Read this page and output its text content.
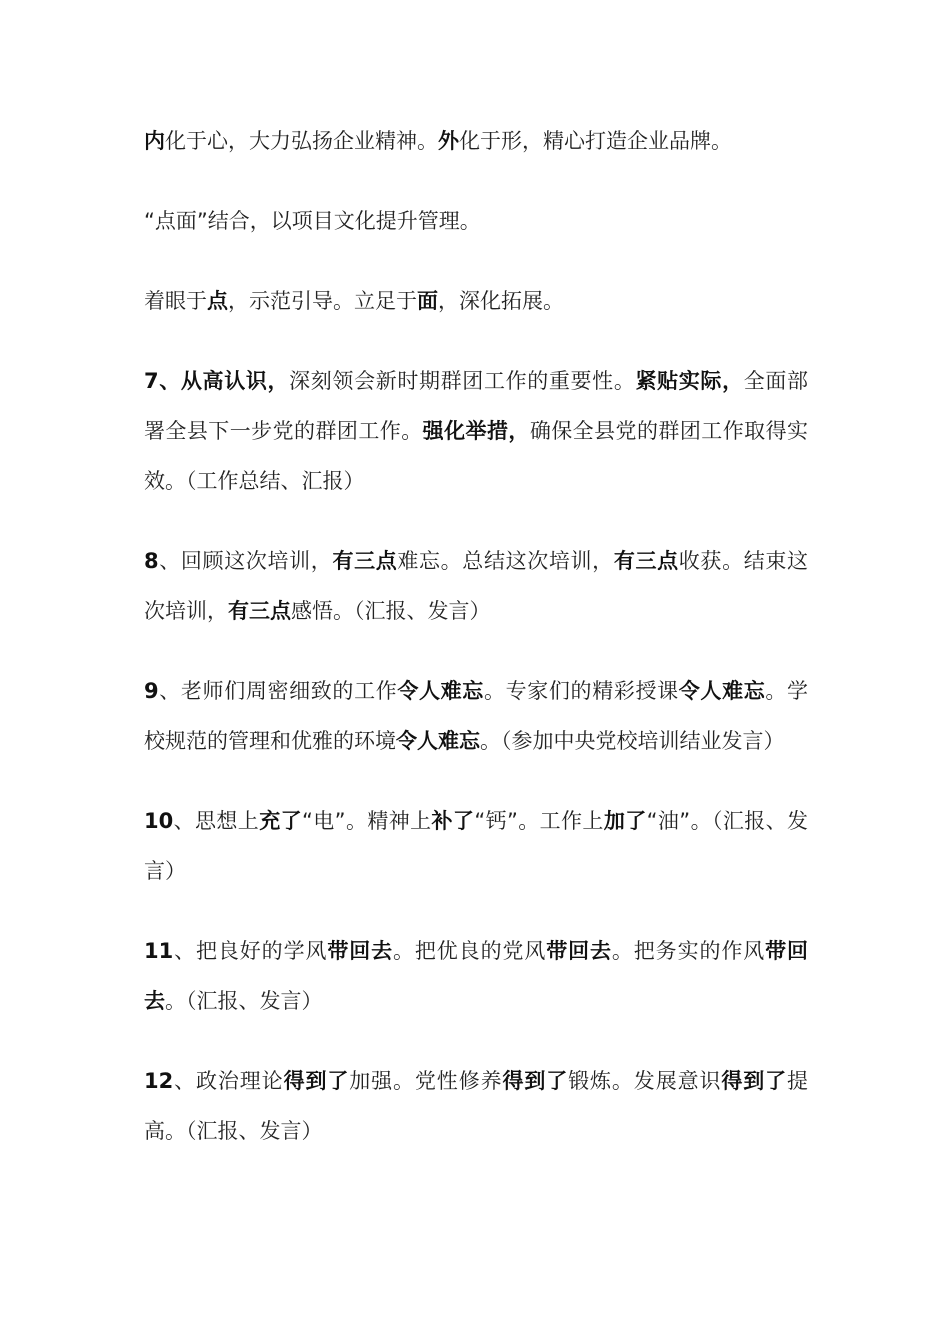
内化于心，大力弘扬企业精神。外化于形，精心打造企业品牌。

“点面”结合，以项目文化提升管理。

着眼于点，示范引导。立足于面，深化拓展。

7、从高认识，深刻领会新时期群团工作的重要性。紧贴实际，全面部署全县下一步党的群团工作。强化举措，确保全县党的群团工作取得实效。（工作总结、汇报）

8、回顾这次培训，有三点难忘。总结这次培训，有三点收获。结束这次培训，有三点感悟。（汇报、发言）

9、老师们周密细致的工作令人难忘。专家们的精彩授课令人难忘。学校规范的管理和优雅的环境令人难忘。（参加中央党校培训结业发言）

10、思想上充了“电”。精神上补了“钙”。工作上加了“油”。（汇报、发言）

11、把良好的学风带回去。把优良的党风带回去。把务实的作风带回去。（汇报、发言）

12、政治理论得到了加强。党性修养得到了锻炼。发展意识得到了提高。（汇报、发言）
